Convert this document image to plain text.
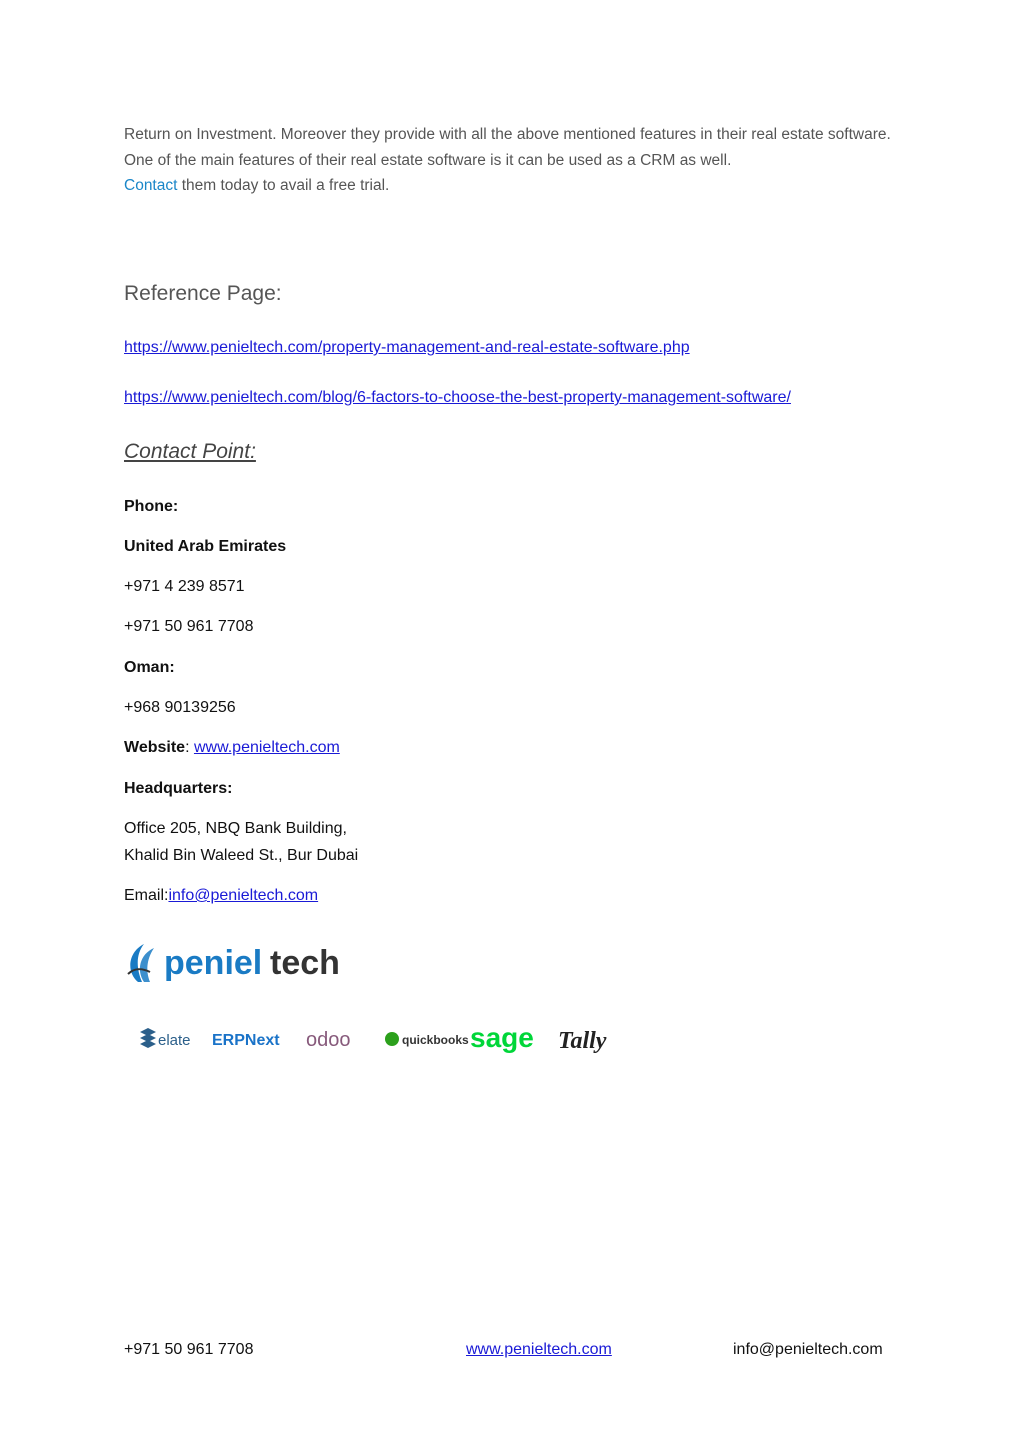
Return on Investment. Moreover they provide with all the above mentioned features in their real estate software. One of the main features of their real estate software is it can be used as a CRM as well.
Contact them today to avail a free trial.

Reference Page:
https://www.penieltech.com/property-management-and-real-estate-software.php
https://www.penieltech.com/blog/6-factors-to-choose-the-best-property-management-software/
Contact Point:

Phone:

United Arab Emirates

+971 4 239 8571

+971 50 961 7708

Oman:

+968 90139256

Website: www.penieltech.com

Headquarters:

Office 205, NBQ Bank Building,

Khalid Bin Waleed St., Bur Dubai

Email:info@penieltech.com

peniel tech
elate ERPNext odoo	quickbooks sage Tally
+971 50 961 7708	www.penieltech.com	info@penieltech.com
